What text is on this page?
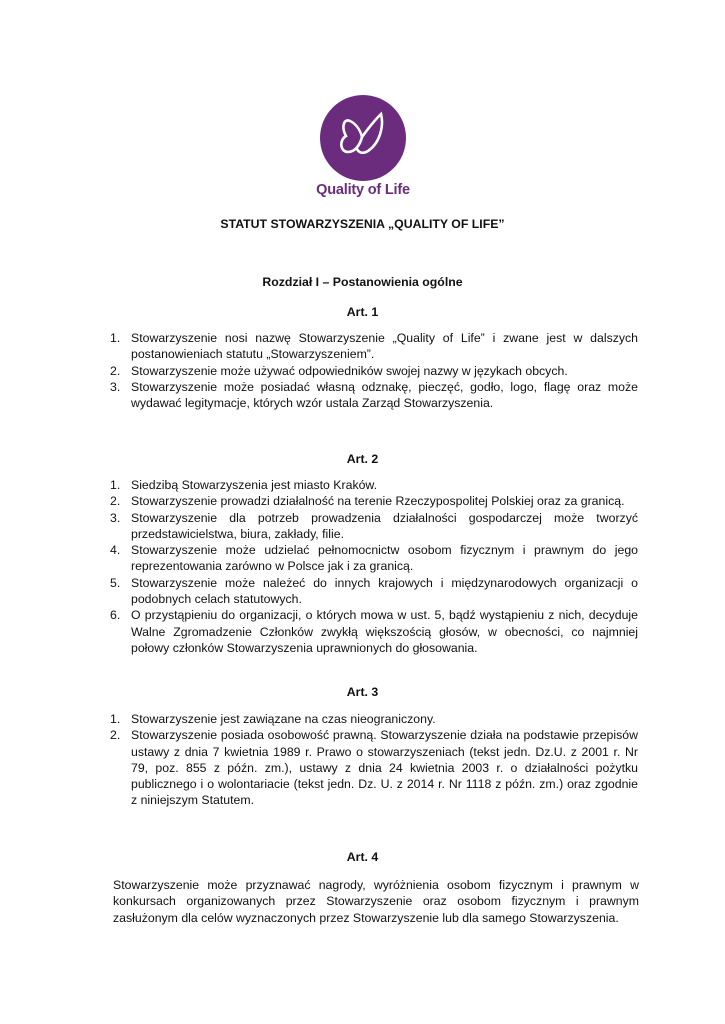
Quality of Life
STATUT STOWARZYSZENIA „QUALITY OF LIFE”
Rozdział I – Postanowienia ogólne
Art. 1
1. Stowarzyszenie nosi nazwę Stowarzyszenie „Quality of Life” i zwane jest w dalszych postanowieniach statutu „Stowarzyszeniem”.
2. Stowarzyszenie może używać odpowiedników swojej nazwy w językach obcych.
3. Stowarzyszenie może posiadać własną odznakę, pieczęć, godło, logo, flagę oraz może wydawać legitymacje, których wzór ustala Zarząd Stowarzyszenia.
Art. 2
1. Siedzibą Stowarzyszenia jest miasto Kraków.
2. Stowarzyszenie prowadzi działalność na terenie Rzeczypospolitej Polskiej oraz za granicą.
3. Stowarzyszenie dla potrzeb prowadzenia działalności gospodarczej może tworzyć przedstawicielstwa, biura, zakłady, filie.
4. Stowarzyszenie może udzielać pełnomocnictw osobom fizycznym i prawnym do jego reprezentowania zarówno w Polsce jak i za granicą.
5. Stowarzyszenie może należeć do innych krajowych i międzynarodowych organizacji o podobnych celach statutowych.
6. O przystąpieniu do organizacji, o których mowa w ust. 5, bądź wystąpieniu z nich, decyduje Walne Zgromadzenie Członków zwykłą większością głosów, w obecności, co najmniej połowy członków Stowarzyszenia uprawnionych do głosowania.
Art. 3
1. Stowarzyszenie jest zawiązane na czas nieograniczony.
2. Stowarzyszenie posiada osobowość prawną. Stowarzyszenie działa na podstawie przepisów ustawy z dnia 7 kwietnia 1989 r. Prawo o stowarzyszeniach (tekst jedn. Dz.U. z 2001 r. Nr 79, poz. 855 z późn. zm.), ustawy z dnia 24 kwietnia 2003 r. o działalności pożytku publicznego i o wolontariacie (tekst jedn. Dz. U. z 2014 r. Nr 1118 z późn. zm.) oraz zgodnie z niniejszym Statutem.
Art. 4

Stowarzyszenie może przyznawać nagrody, wyróżnienia osobom fizycznym i prawnym w konkursach organizowanych przez Stowarzyszenie oraz osobom fizycznym i prawnym zasłużonym dla celów wyznaczonych przez Stowarzyszenie lub dla samego Stowarzyszenia.
